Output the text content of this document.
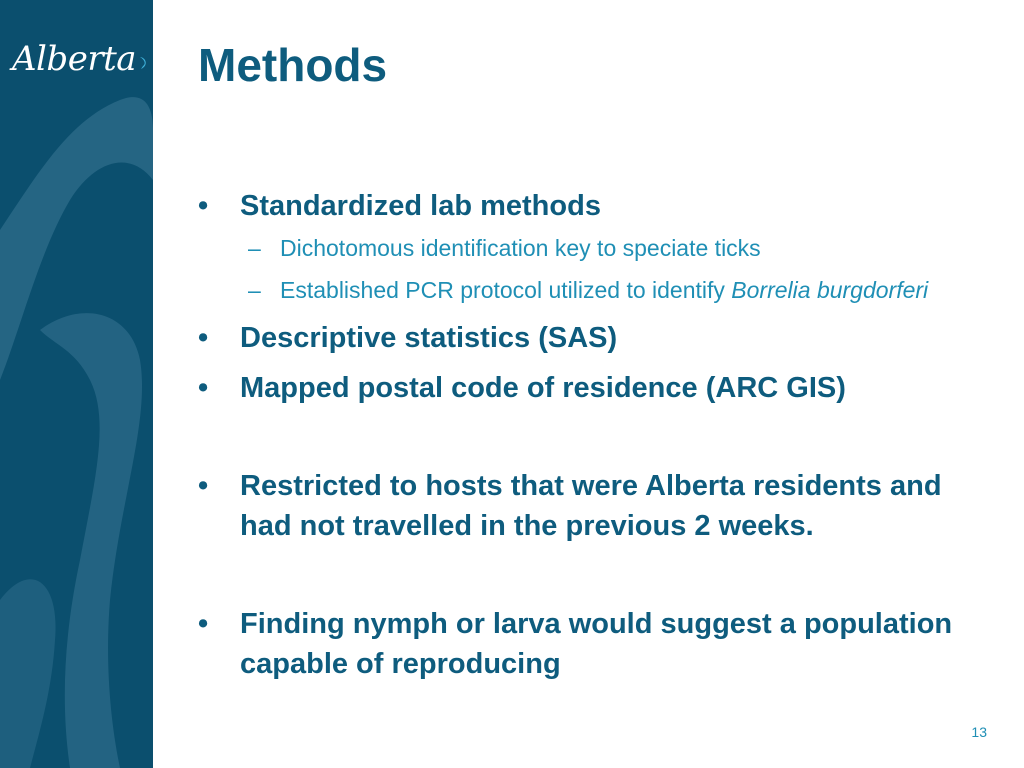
Alberta Methods
•	Standardized lab methods
– Dichotomous identification key to speciate ticks
– Established PCR protocol utilized to identify Borrelia burgdorferi
•	Descriptive statistics (SAS)
•	Mapped postal code of residence (ARC GIS)
•	Restricted to hosts that were Alberta residents and had not travelled in the previous 2 weeks.
•	Finding nymph or larva would suggest a population capable of reproducing
13
